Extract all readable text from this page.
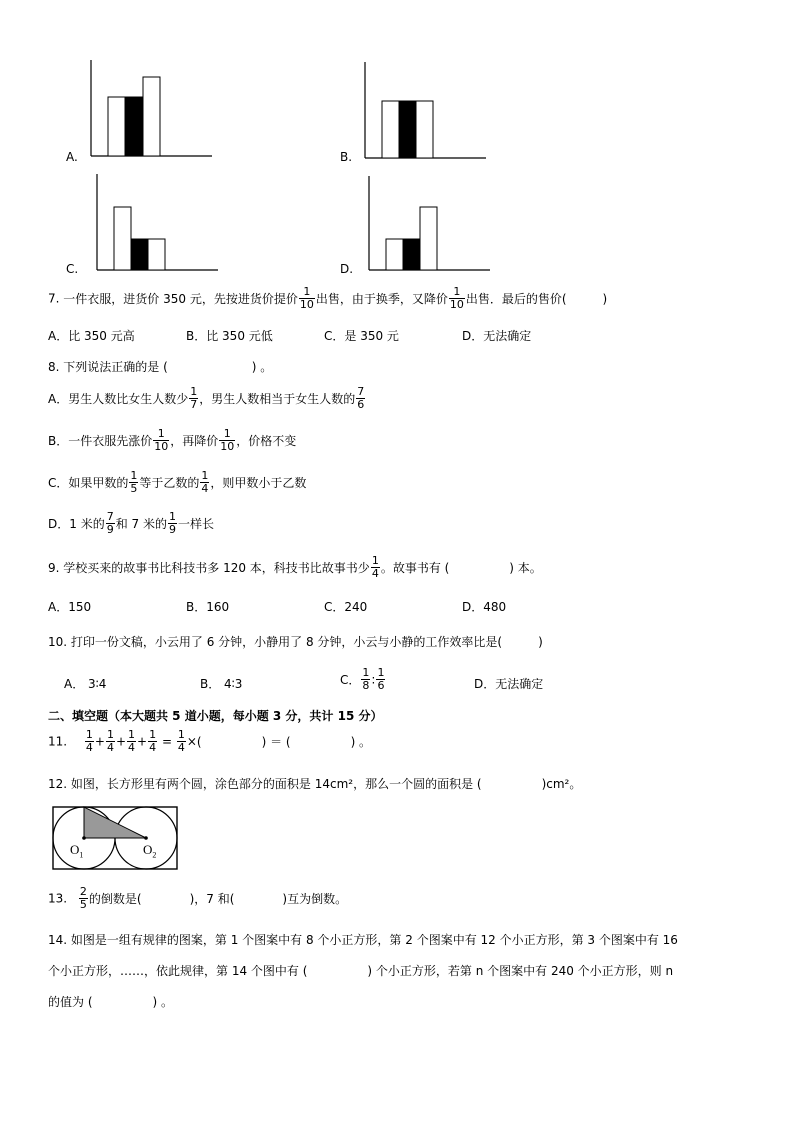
A.	B.
C.	D.
7. 一件衣服，进货价 350 元，先按进货价提价 $\frac{1}{10}$ 出售，由于换季，又降价 $\frac{1}{10}$ 出售．最后的售价(　　　)
A．比 350 元高	B．比 350 元低	C．是 350 元	D．无法确定
8. 下列说法正确的是 (　　　　　　　) 。
A．男生人数比女生人数少 $\frac{1}{7}$ ，男生人数相当于女生人数的 $\frac{7}{6}$
B．一件衣服先涨价 $\frac{1}{10}$ ，再降价 $\frac{1}{10}$ ，价格不变
C．如果甲数的 $\frac{1}{5}$ 等于乙数的 $\frac{1}{4}$ ，则甲数小于乙数
D．1 米的 $\frac{7}{9}$ 和 7 米的 $\frac{1}{9}$ 一样长
9. 学校买来的故事书比科技书多 120 本，科技书比故事书少 $\frac{1}{4}$ 。故事书有 (　　　　　) 本。
A．150	B．160	C．240	D．480
10. 打印一份文稿，小云用了 6 分钟，小静用了 8 分钟，小云与小静的工作效率比是(　　　)
A． 3∶4	B． 4∶3	C． $\frac{1}{8}$ : $\frac{1}{6}$	D．无法确定
二、填空题（本大题共 5 道小题，每小题 3 分，共计 15 分）
11. $\frac{1}{4} + \frac{1}{4} + \frac{1}{4} + \frac{1}{4} = \frac{1}{4}$ ×(　　　　　) ＝ (　　　　　) 。
12. 如图，长方形里有两个圆，涂色部分的面积是 14cm²，那么一个圆的面积是 (　　　　　)cm²。
$O_1$	$O_2$
13. $\frac{2}{5}$ 的倒数是(　　　　)，7 和(　　　　)互为倒数。
14. 如图是一组有规律的图案，第 1 个图案中有 8 个小正方形，第 2 个图案中有 12 个小正方形，第 3 个图案中有 16
个小正方形，……，依此规律，第 14 个图中有 (　　　　　) 个小正方形，若第 n 个图案中有 240 个小正方形，则 n
的值为 (　　　　　) 。
